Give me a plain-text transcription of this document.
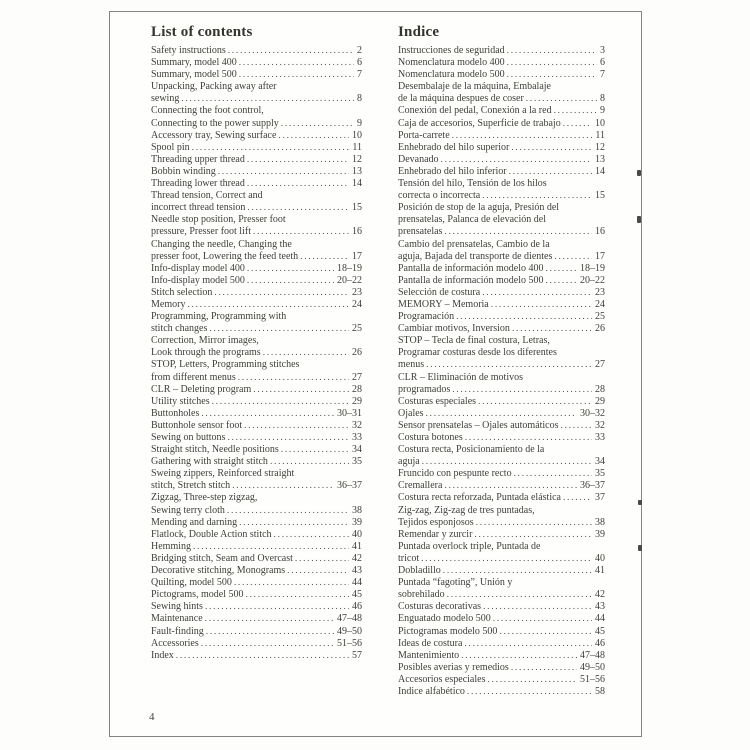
List of contents
Safety instructions .....	2
Summary, model 400 .....	6
Summary, model 500 .....	7
Unpacking, Packing away after
sewing .....	8
Connecting the foot control,
Connecting to the power supply .....	9
Accessory tray, Sewing surface .....	10
Spool pin .....	11
Threading upper thread .....	12
Bobbin winding .....	13
Threading lower thread .....	14
Thread tension, Correct and
incorrect thread tension .....	15
Needle stop position, Presser foot
pressure, Presser foot lift .....	16
Changing the needle, Changing the
presser foot, Lowering the feed teeth .....	17
Info-display model 400 .....	18–19
Info-display model 500 .....	20–22
Stitch selection .....	23
Memory .....	24
Programming, Programming with
stitch changes .....	25
Correction, Mirror images,
Look through the programs .....	26
STOP, Letters, Programming stitches
from different menus .....	27
CLR – Deleting program .....	28
Utility stitches .....	29
Buttonholes .....	30–31
Buttonhole sensor foot .....	32
Sewing on buttons .....	33
Straight stitch, Needle positions .....	34
Gathering with straight stitch .....	35
Sweing zippers, Reinforced straight
stitch, Stretch stitch .....	36–37
Zigzag, Three-step zigzag,
Sewing terry cloth .....	38
Mending and darning .....	39
Flatlock, Double Action stitch .....	40
Hemming .....	41
Bridging stitch, Seam and Overcast .....	42
Decorative stitching, Monograms .....	43
Quilting, model 500 .....	44
Pictograms, model 500 .....	45
Sewing hints .....	46
Maintenance .....	47–48
Fault-finding .....	49–50
Accessories .....	51–56
Index .....	57
Indice
Instrucciones de seguridad .....	3
Nomenclatura modelo 400 .....	6
Nomenclatura modelo 500 .....	7
Desembalaje de la máquina, Embalaje
de la máquina despues de coser .....	8
Conexión del pedal, Conexión a la red .....	9
Caja de accesorios, Superficie de trabajo .....	10
Porta-carrete .....	11
Enhebrado del hilo superior .....	12
Devanado .....	13
Enhebrado del hilo inferior .....	14
Tensión del hilo, Tensión de los hilos
correcta o incorrecta .....	15
Posición de stop de la aguja, Presión del
prensatelas, Palanca de elevación del
prensatelas .....	16
Cambio del prensatelas, Cambio de la
aguja, Bajada del transporte de dientes .....	17
Pantalla de información modelo 400 .....	18–19
Pantalla de información modelo 500 .....	20–22
Selección de costura .....	23
MEMORY – Memoria .....	24
Programación .....	25
Cambiar motivos, Inversion .....	26
STOP – Tecla de final costura, Letras,
Programar costuras desde los diferentes
menus .....	27
CLR – Eliminación de motivos
programados .....	28
Costuras especiales .....	29
Ojales .....	30–32
Sensor prensatelas – Ojales automáticos .....	32
Costura botones .....	33
Costura recta, Posicionamiento de la
aguja .....	34
Fruncido con pespunte recto .....	35
Cremallera .....	36–37
Costura recta reforzada, Puntada elástica .....	37
Zig-zag, Zig-zag de tres puntadas,
Tejidos esponjosos .....	38
Remendar y zurcir .....	39
Puntada overlock triple, Puntada de
tricot .....	40
Dobladillo .....	41
Puntada “fagoting”, Unión y
sobrehilado .....	42
Costuras decorativas .....	43
Enguatado modelo 500 .....	44
Pictogramas modelo 500 .....	45
Ideas de costura .....	46
Mantenimiento .....	47–48
Posibles averias y remedios .....	49–50
Accesorios especiales .....	51–56
Indice alfabético .....	58
4
